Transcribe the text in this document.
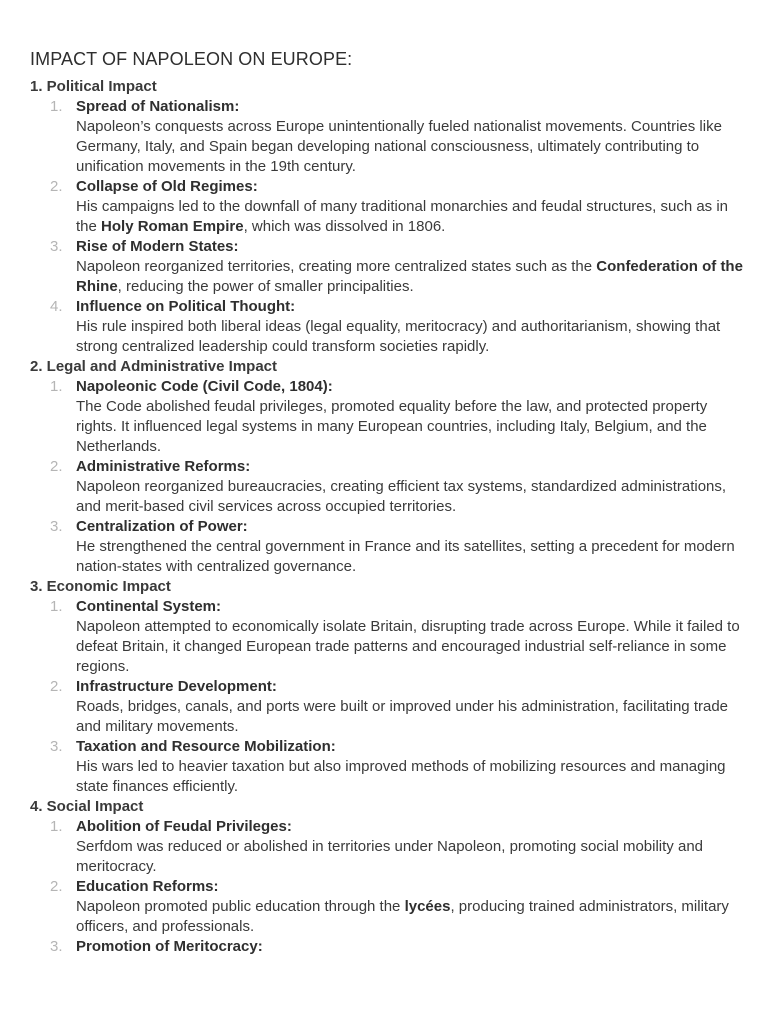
IMPACT OF NAPOLEON ON EUROPE:
1. Political Impact
1. Spread of Nationalism:
Napoleon’s conquests across Europe unintentionally fueled nationalist movements. Countries like Germany, Italy, and Spain began developing national consciousness, ultimately contributing to unification movements in the 19th century.
2. Collapse of Old Regimes:
His campaigns led to the downfall of many traditional monarchies and feudal structures, such as in the Holy Roman Empire, which was dissolved in 1806.
3. Rise of Modern States:
Napoleon reorganized territories, creating more centralized states such as the Confederation of the Rhine, reducing the power of smaller principalities.
4. Influence on Political Thought:
His rule inspired both liberal ideas (legal equality, meritocracy) and authoritarianism, showing that strong centralized leadership could transform societies rapidly.
2. Legal and Administrative Impact
1. Napoleonic Code (Civil Code, 1804):
The Code abolished feudal privileges, promoted equality before the law, and protected property rights. It influenced legal systems in many European countries, including Italy, Belgium, and the Netherlands.
2. Administrative Reforms:
Napoleon reorganized bureaucracies, creating efficient tax systems, standardized administrations, and merit-based civil services across occupied territories.
3. Centralization of Power:
He strengthened the central government in France and its satellites, setting a precedent for modern nation-states with centralized governance.
3. Economic Impact
1. Continental System:
Napoleon attempted to economically isolate Britain, disrupting trade across Europe. While it failed to defeat Britain, it changed European trade patterns and encouraged industrial self-reliance in some regions.
2. Infrastructure Development:
Roads, bridges, canals, and ports were built or improved under his administration, facilitating trade and military movements.
3. Taxation and Resource Mobilization:
His wars led to heavier taxation but also improved methods of mobilizing resources and managing state finances efficiently.
4. Social Impact
1. Abolition of Feudal Privileges:
Serfdom was reduced or abolished in territories under Napoleon, promoting social mobility and meritocracy.
2. Education Reforms:
Napoleon promoted public education through the lycées, producing trained administrators, military officers, and professionals.
3. Promotion of Meritocracy:
